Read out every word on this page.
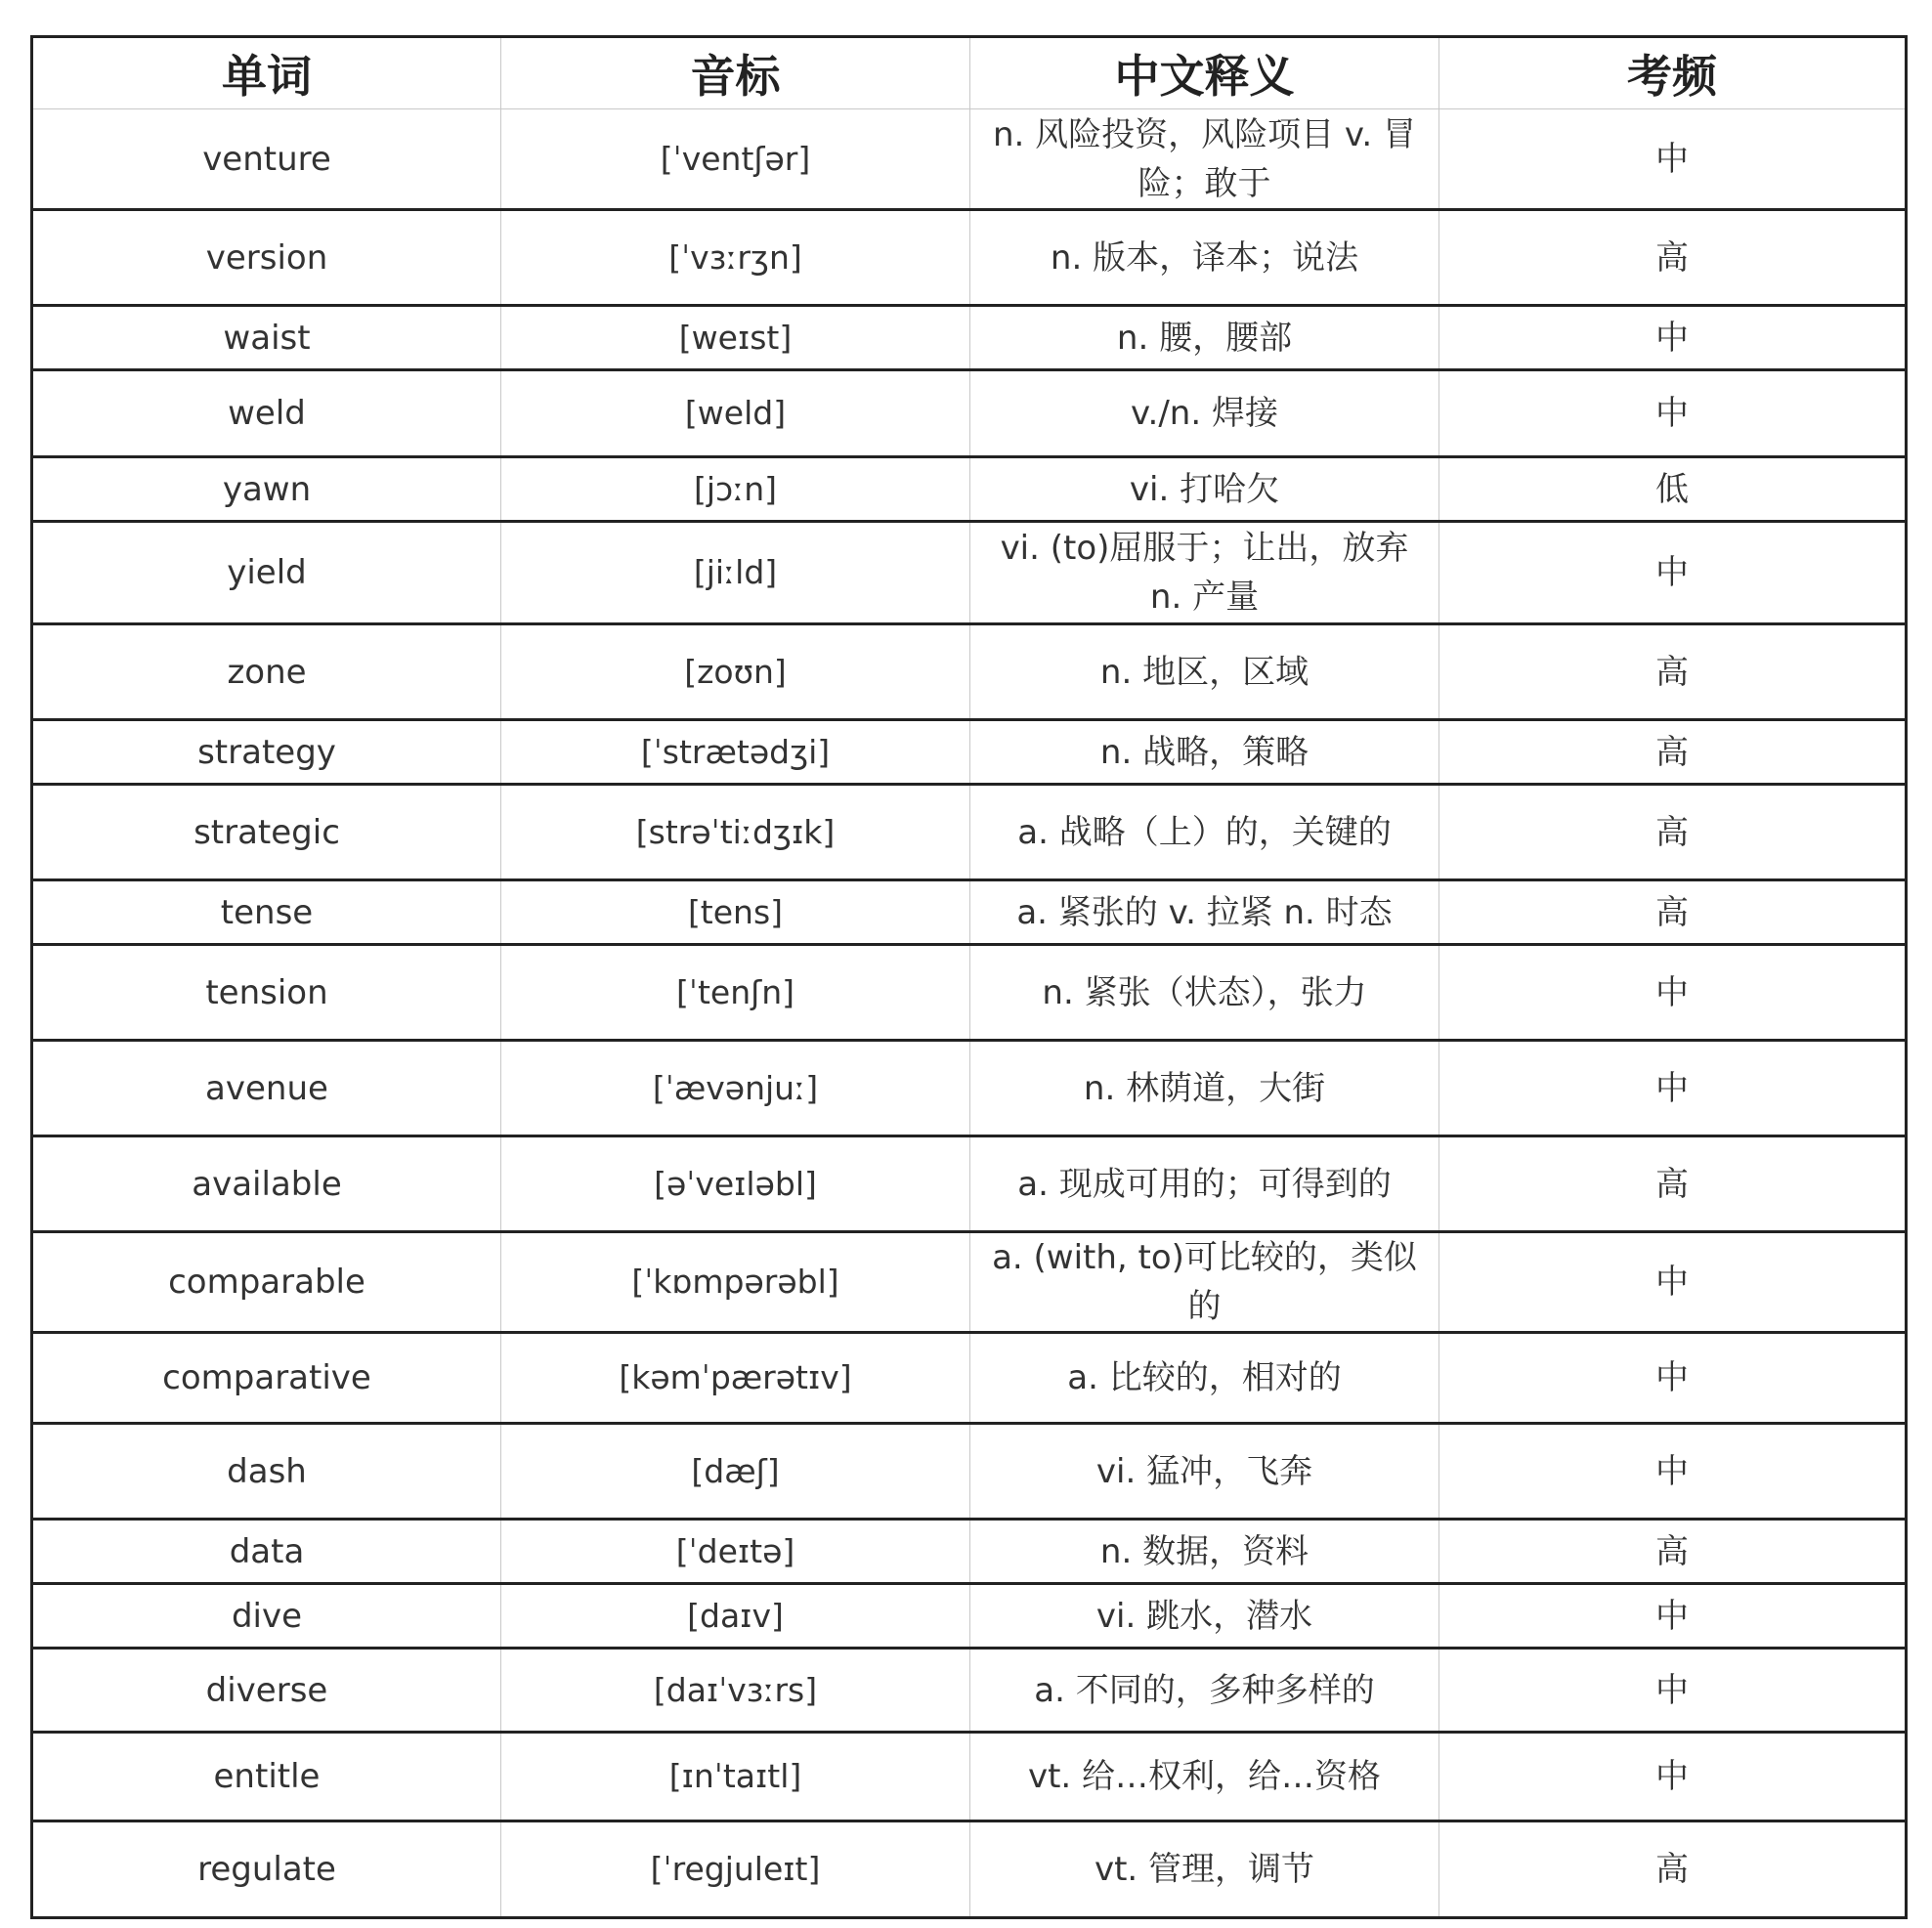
单词	音标	中文释义	考频
venture	[ˈventʃər]	n. 风险投资，风险项目 v. 冒险；敢于	中
version	[ˈvɜːrʒn]	n. 版本，译本；说法	高
waist	[weɪst]	n. 腰，腰部	中
weld	[weld]	v./n. 焊接	中
yawn	[jɔːn]	vi. 打哈欠	低
yield	[jiːld]	vi. (to)屈服于；让出，放弃 n. 产量	中
zone	[zoʊn]	n. 地区，区域	高
strategy	[ˈstrætədʒi]	n. 战略，策略	高
strategic	[strəˈtiːdʒɪk]	a. 战略（上）的，关键的	高
tense	[tens]	a. 紧张的 v. 拉紧 n. 时态	高
tension	[ˈtenʃn]	n. 紧张（状态），张力	中
avenue	[ˈævənjuː]	n. 林荫道，大街	中
available	[əˈveɪləbl]	a. 现成可用的；可得到的	高
comparable	[ˈkɒmpərəbl]	a. (with, to)可比较的，类似的	中
comparative	[kəmˈpærətɪv]	a. 比较的，相对的	中
dash	[dæʃ]	vi. 猛冲，飞奔	中
data	[ˈdeɪtə]	n. 数据，资料	高
dive	[daɪv]	vi. 跳水，潜水	中
diverse	[daɪˈvɜːrs]	a. 不同的，多种多样的	中
entitle	[ɪnˈtaɪtl]	vt. 给…权利，给…资格	中
regulate	[ˈregjuleɪt]	vt. 管理，调节	高
